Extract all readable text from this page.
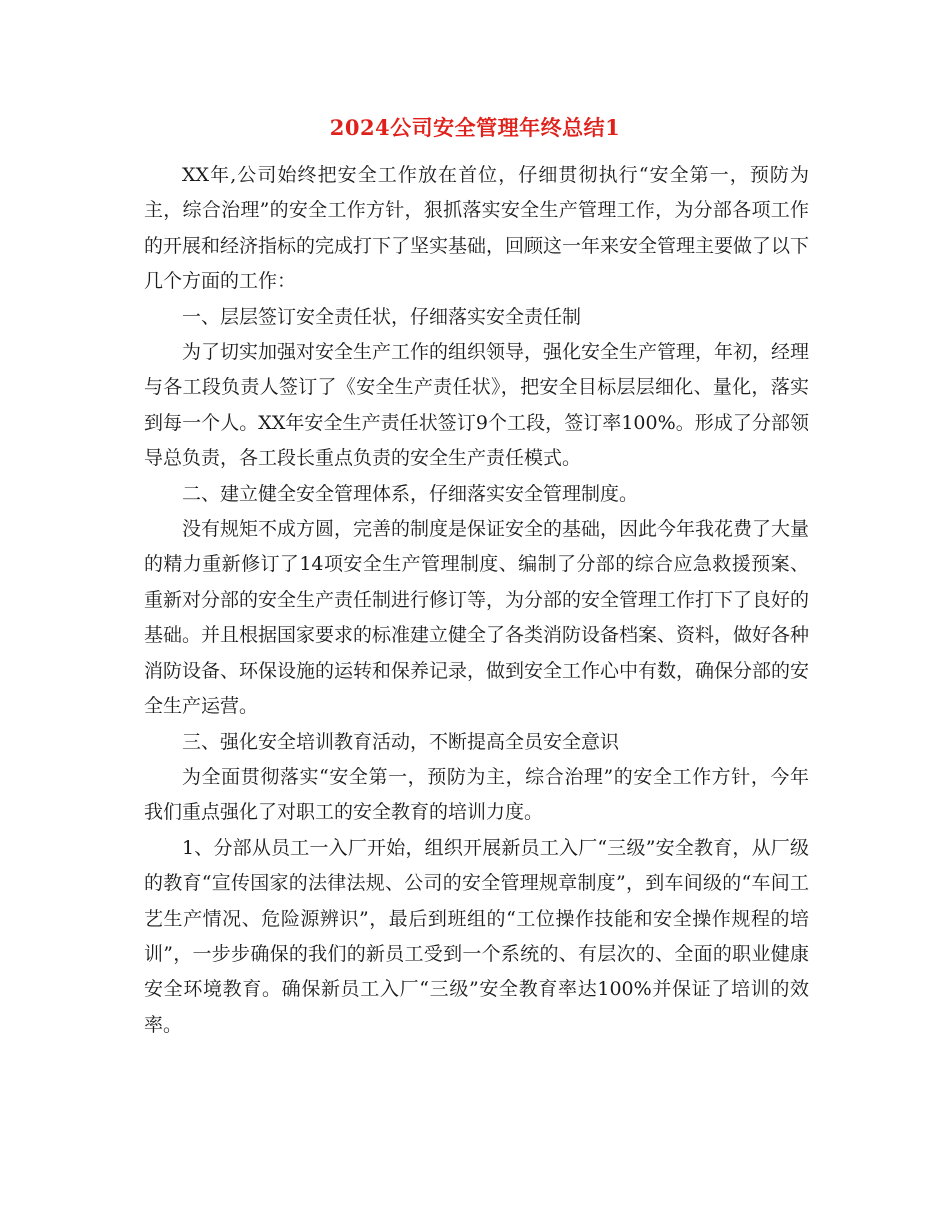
2024公司安全管理年终总结1

XX年,公司始终把安全工作放在首位，仔细贯彻执行“安全第一，预防为主，综合治理”的安全工作方针，狠抓落实安全生产管理工作，为分部各项工作的开展和经济指标的完成打下了坚实基础，回顾这一年来安全管理主要做了以下几个方面的工作：

一、层层签订安全责任状，仔细落实安全责任制

为了切实加强对安全生产工作的组织领导，强化安全生产管理，年初，经理与各工段负责人签订了《安全生产责任状》，把安全目标层层细化、量化，落实到每一个人。XX年安全生产责任状签订9个工段，签订率100%。形成了分部领导总负责，各工段长重点负责的安全生产责任模式。

二、建立健全安全管理体系，仔细落实安全管理制度。

没有规矩不成方圆，完善的制度是保证安全的基础，因此今年我花费了大量的精力重新修订了14项安全生产管理制度、编制了分部的综合应急救援预案、重新对分部的安全生产责任制进行修订等，为分部的安全管理工作打下了良好的基础。并且根据国家要求的标准建立健全了各类消防设备档案、资料，做好各种消防设备、环保设施的运转和保养记录，做到安全工作心中有数，确保分部的安全生产运营。

三、强化安全培训教育活动，不断提高全员安全意识

为全面贯彻落实“安全第一，预防为主，综合治理”的安全工作方针，今年我们重点强化了对职工的安全教育的培训力度。

1、分部从员工一入厂开始，组织开展新员工入厂“三级”安全教育，从厂级的教育“宣传国家的法律法规、公司的安全管理规章制度”，到车间级的“车间工艺生产情况、危险源辨识”，最后到班组的“工位操作技能和安全操作规程的培训”，一步步确保的我们的新员工受到一个系统的、有层次的、全面的职业健康安全环境教育。确保新员工入厂“三级”安全教育率达100%并保证了培训的效率。
